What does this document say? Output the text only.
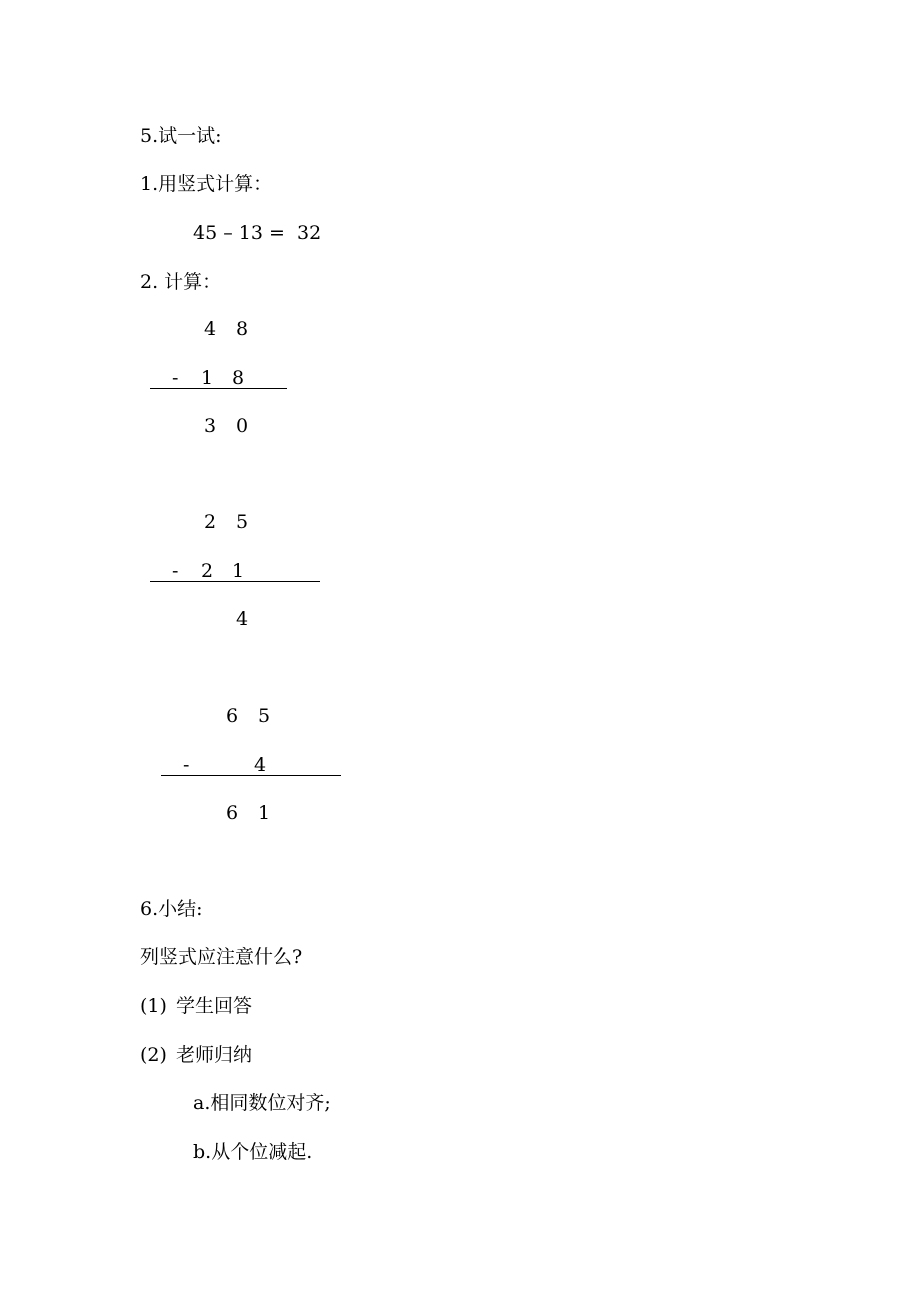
5.试一试:
1.用竖式计算：
45 – 13 = 32
2. 计算：
4 8
- 1 8
3 0
2 5
- 2 1
4
6 5
-	4
6 1
6.小结:
列竖式应注意什么?
(1) 学生回答
(2) 老师归纳
a.相同数位对齐;
b.从个位减起.
